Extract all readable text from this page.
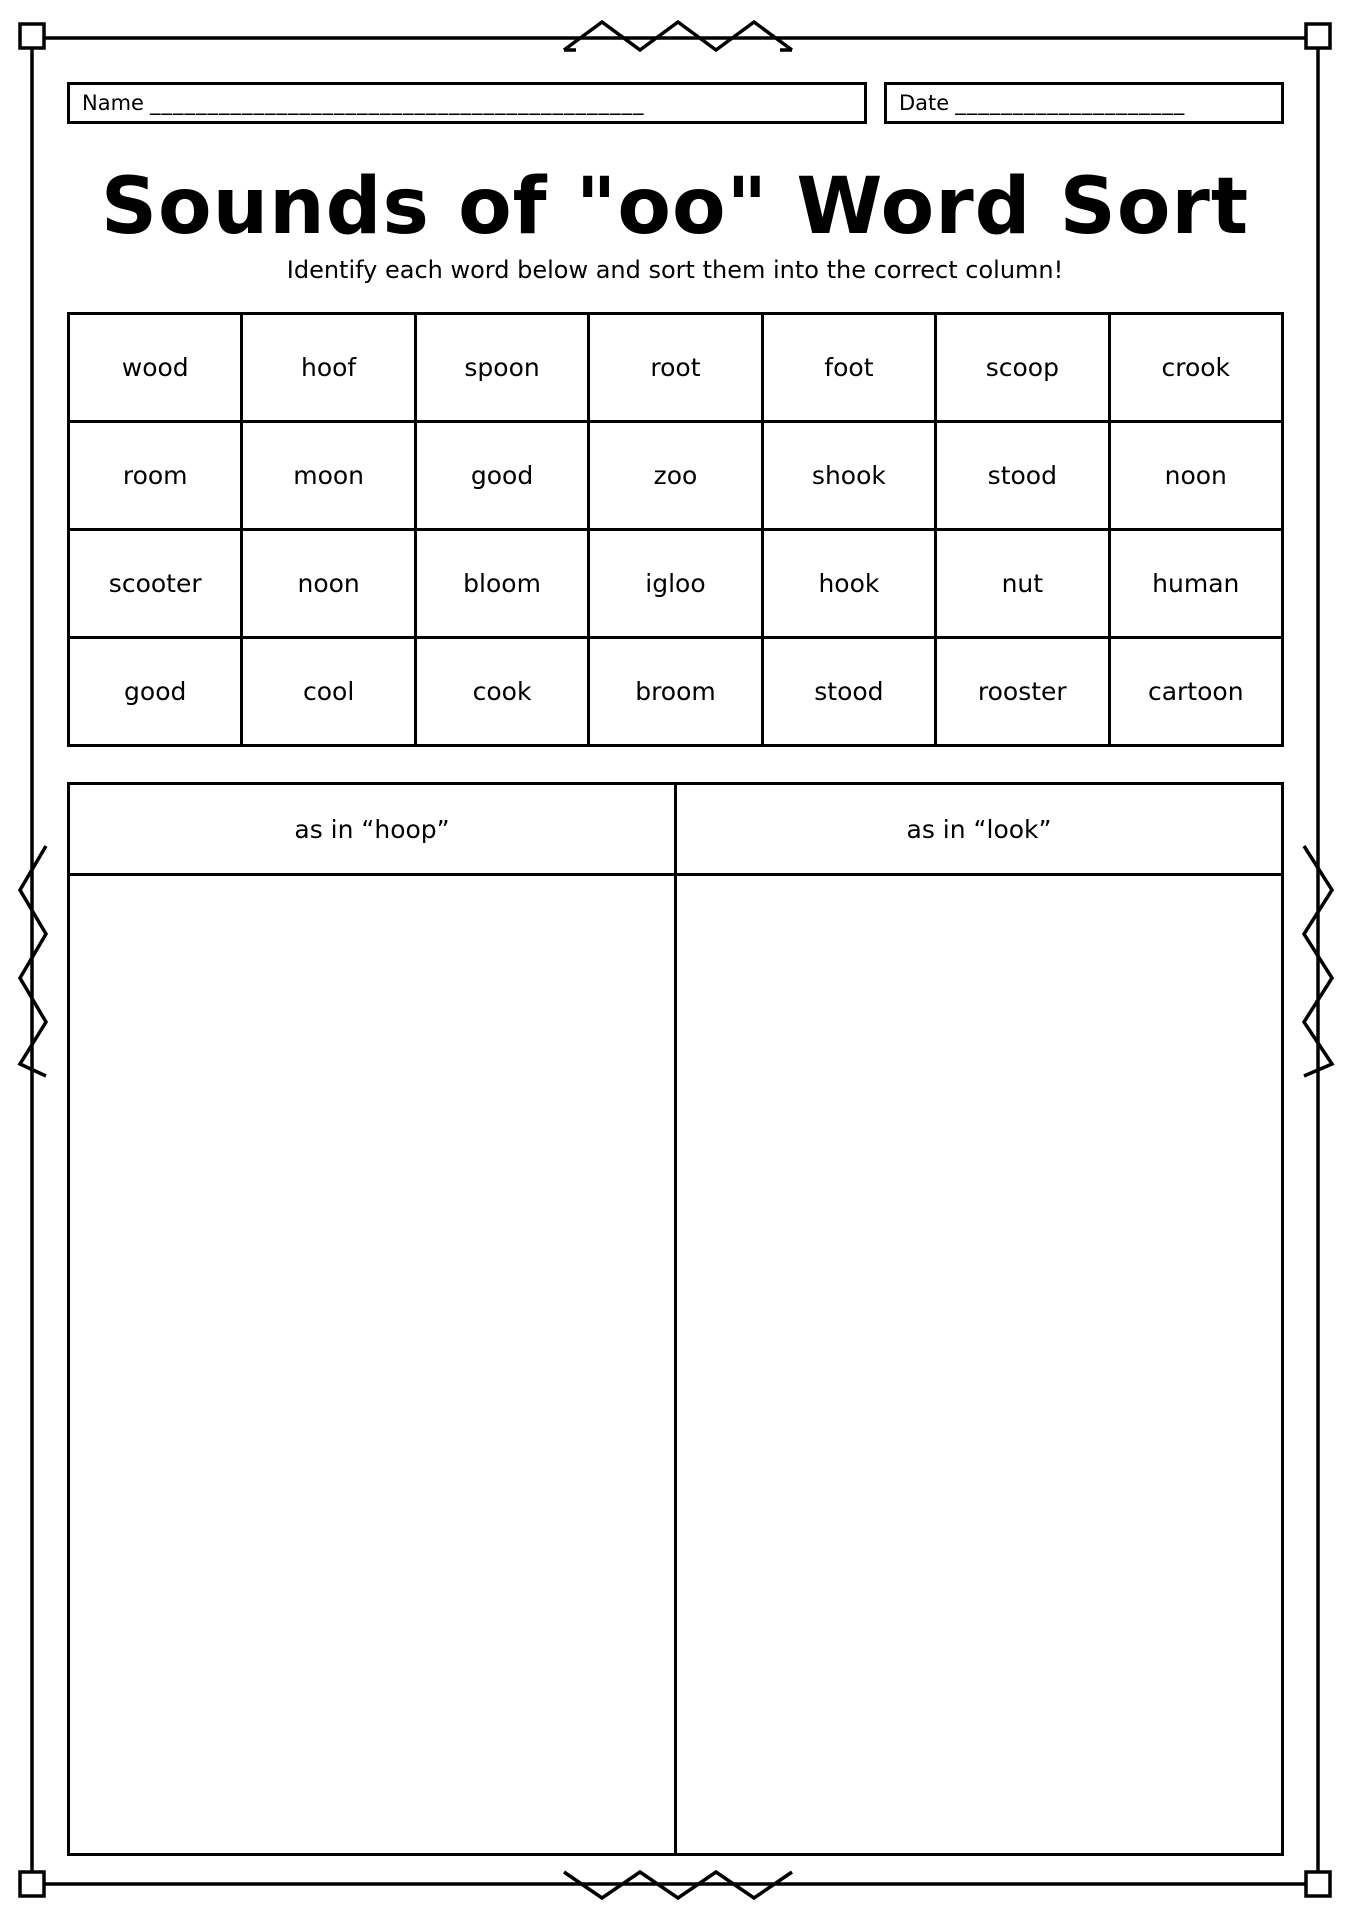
Name ___________________________________________	Date ____________________
Sounds of "oo" Word Sort
Identify each word below and sort them into the correct column!
wood	hoof	spoon	root	foot	scoop	crook
room	moon	good	zoo	shook	stood	noon
scooter	noon	bloom	igloo	hook	nut	human
good	cool	cook	broom	stood	rooster	cartoon
as in “hoop”	as in “look”
